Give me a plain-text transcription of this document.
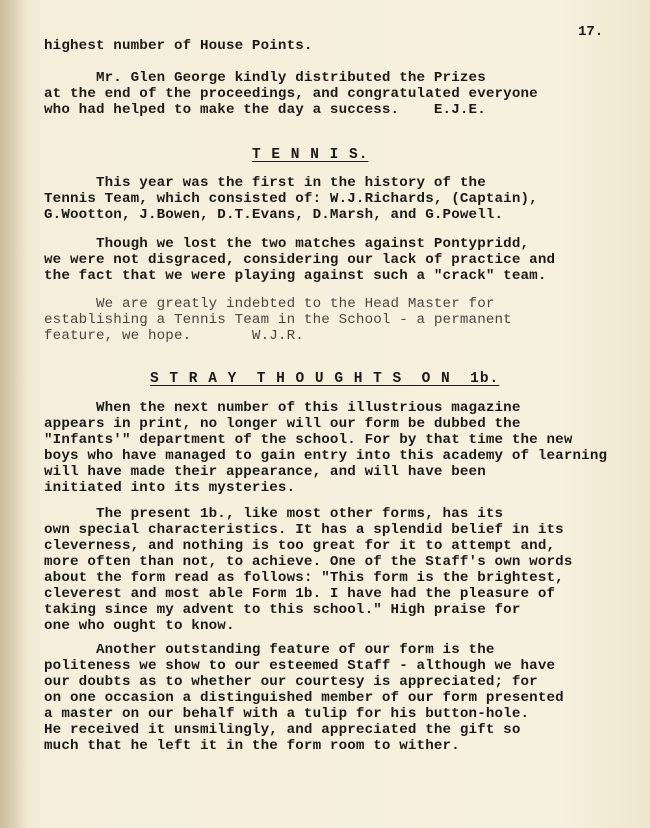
17.
highest number of House Points.
Mr. Glen George kindly distributed the Prizes
at the end of the proceedings, and congratulated everyone
who had helped to make the day a success.    E.J.E.
T E N N I S.
This year was the first in the history of the
Tennis Team, which consisted of: W.J.Richards, (Captain),
G.Wootton, J.Bowen, D.T.Evans, D.Marsh, and G.Powell.
Though we lost the two matches against Pontypridd,
we were not disgraced, considering our lack of practice and
the fact that we were playing against such a "crack" team.
We are greatly indebted to the Head Master for
establishing a Tennis Team in the School - a permanent
feature, we hope.       W.J.R.
S T R A Y  T H O U G H T S  O N  1b.
When the next number of this illustrious magazine
appears in print, no longer will our form be dubbed the
"Infants'" department of the school. For by that time the new
boys who have managed to gain entry into this academy of learning
will have made their appearance, and will have been
initiated into its mysteries.
The present 1b., like most other forms, has its
own special characteristics. It has a splendid belief in its
cleverness, and nothing is too great for it to attempt and,
more often than not, to achieve. One of the Staff's own words
about the form read as follows: "This form is the brightest,
cleverest and most able Form 1b. I have had the pleasure of
taking since my advent to this school." High praise for
one who ought to know.
Another outstanding feature of our form is the
politeness we show to our esteemed Staff - although we have
our doubts as to whether our courtesy is appreciated; for
on one occasion a distinguished member of our form presented
a master on our behalf with a tulip for his button-hole.
He received it unsmilingly, and appreciated the gift so
much that he left it in the form room to wither.
